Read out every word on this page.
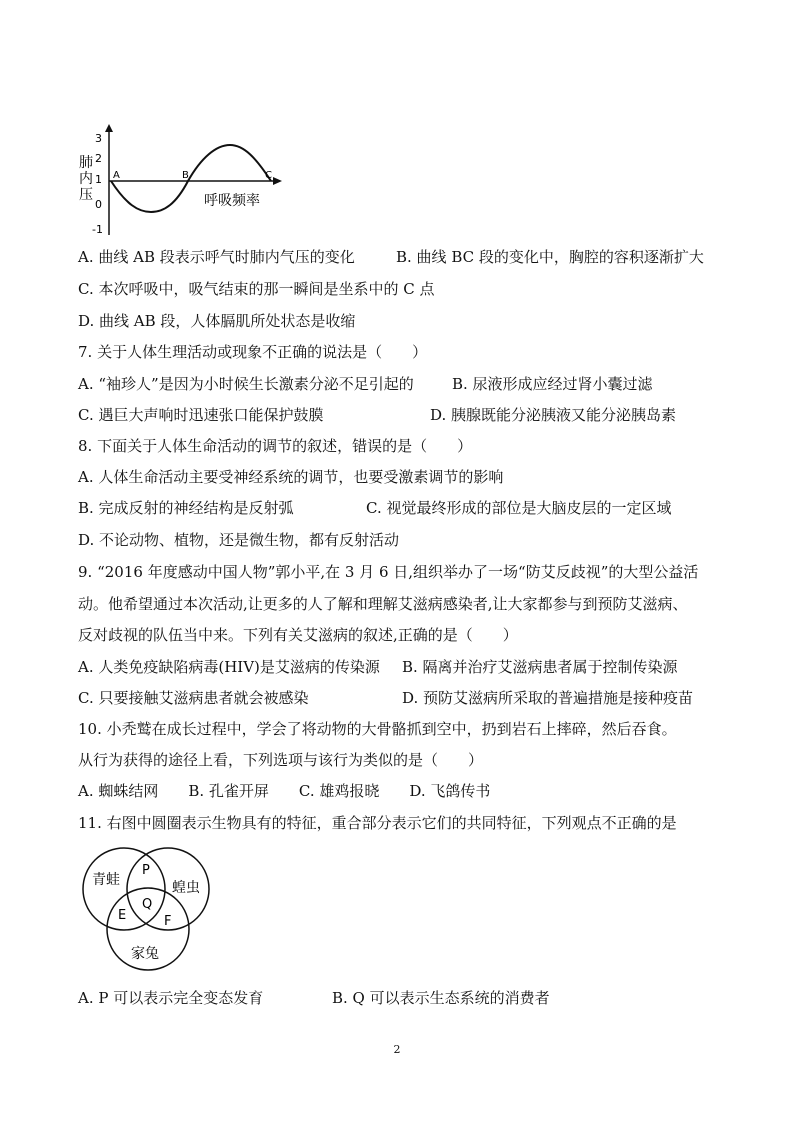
肺
内
压
3
2
1
0
-1
A	B	C
呼吸频率
A. 曲线 AB 段表示呼气时肺内气压的变化	B. 曲线 BC 段的变化中，胸腔的容积逐渐扩大
C. 本次呼吸中，吸气结束的那一瞬间是坐系中的 C 点
D. 曲线 AB 段，人体膈肌所处状态是收缩
7. 关于人体生理活动或现象不正确的说法是（　　）
A. “袖珍人”是因为小时候生长激素分泌不足引起的	B. 尿液形成应经过肾小囊过滤
C. 遇巨大声响时迅速张口能保护鼓膜	D. 胰腺既能分泌胰液又能分泌胰岛素
8. 下面关于人体生命活动的调节的叙述，错误的是（　　）
A. 人体生命活动主要受神经系统的调节，也要受激素调节的影响
B. 完成反射的神经结构是反射弧	C. 视觉最终形成的部位是大脑皮层的一定区域
D. 不论动物、植物，还是微生物，都有反射活动
9. “2016 年度感动中国人物”郭小平,在 3 月 6 日,组织举办了一场“防艾反歧视”的大型公益活
动。他希望通过本次活动,让更多的人了解和理解艾滋病感染者,让大家都参与到预防艾滋病、
反对歧视的队伍当中来。下列有关艾滋病的叙述,正确的是（　　）
A. 人类免疫缺陷病毒(HIV)是艾滋病的传染源 B. 隔离并治疗艾滋病患者属于控制传染源
C. 只要接触艾滋病患者就会被感染	D. 预防艾滋病所采取的普遍措施是接种疫苗
10. 小秃鹫在成长过程中，学会了将动物的大骨骼抓到空中，扔到岩石上摔碎，然后吞食。
从行为获得的途径上看，下列选项与该行为类似的是（　　）
A. 蜘蛛结网　　B. 孔雀开屏　　C. 雄鸡报晓　　D. 飞鸽传书
11. 右图中圆圈表示生物具有的特征，重合部分表示它们的共同特征，下列观点不正确的是
青蛙	蝗虫
家兔
P
Q
E	F
A. P 可以表示完全变态发育	B. Q 可以表示生态系统的消费者
2
